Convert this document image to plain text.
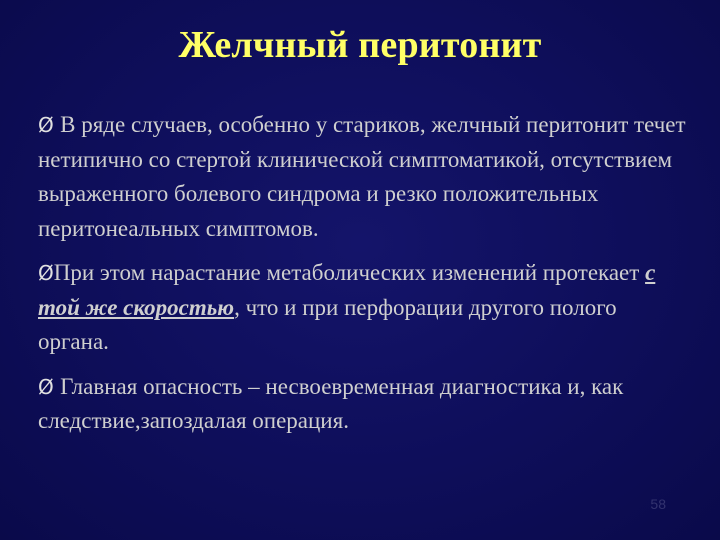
Желчный перитонит

Ø В ряде случаев, особенно у стариков, желчный перитонит течет нетипично со стертой клинической симптоматикой, отсутствием выраженного болевого синдрома и резко положительных перитонеальных симптомов.

ØПри этом нарастание метаболических изменений протекает с той же скоростью, что и при перфорации другого полого органа.

Ø Главная опасность – несвоевременная диагностика и, как следствие,запоздалая операция.

58
